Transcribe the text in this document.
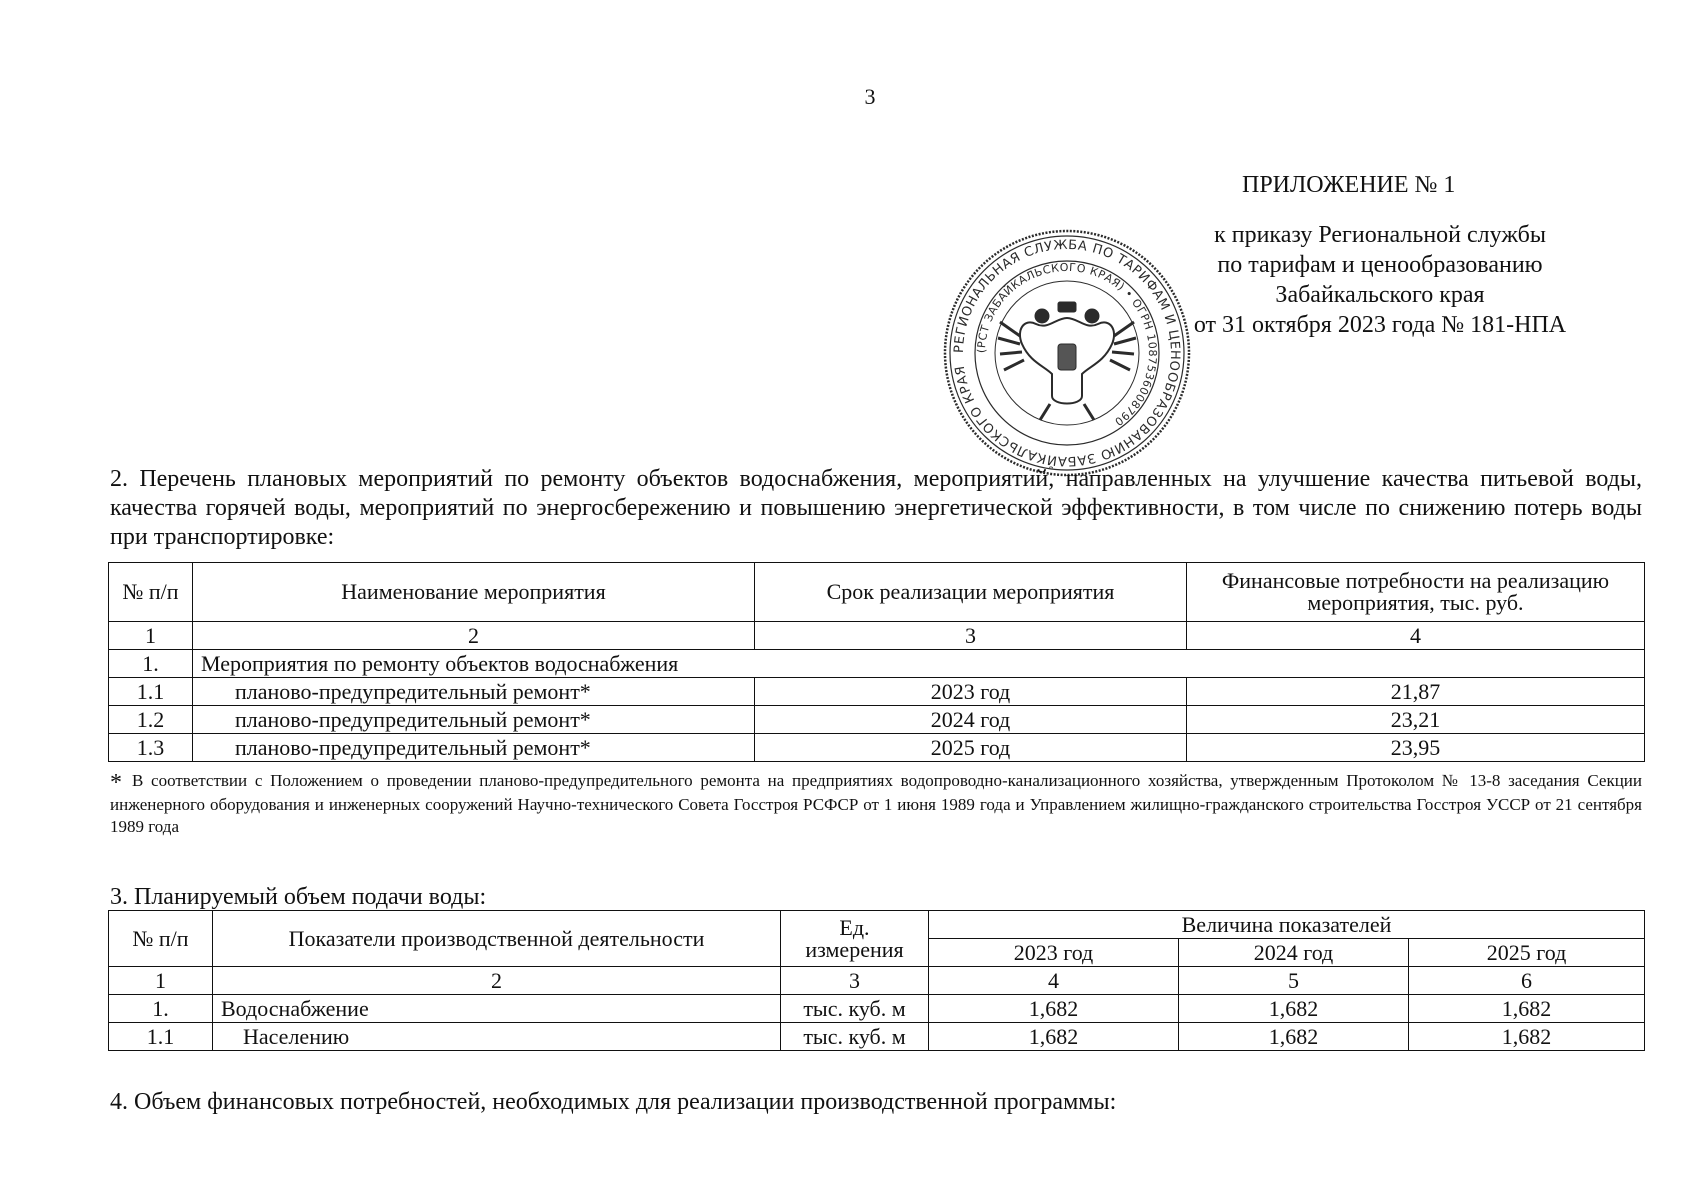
3
ПРИЛОЖЕНИЕ № 1
к приказу Региональной службы
по тарифам и ценообразованию
Забайкальского края
от 31 октября 2023 года № 181-НПА
РЕГИОНАЛЬНАЯ СЛУЖБА ПО ТАРИФАМ И ЦЕНООБРАЗОВАНИЮ ЗАБАЙКАЛЬСКОГО КРАЯ
(РСТ ЗАБАЙКАЛЬСКОГО КРАЯ) • ОГРН 1087536008790
2. Перечень плановых мероприятий по ремонту объектов водоснабжения, мероприятий, направленных на улучшение качества питьевой воды, качества горячей воды, мероприятий по энергосбережению и повышению энергетической эффективности, в том числе по снижению потерь воды при транспортировке:
№ п/п	Наименование мероприятия	Срок реализации мероприятия	Финансовые потребности на реализацию мероприятия, тыс. руб.
1	2	3	4
1.	Мероприятия по ремонту объектов водоснабжения		
1.1	планово-предупредительный ремонт*	2023 год	21,87
1.2	планово-предупредительный ремонт*	2024 год	23,21
1.3	планово-предупредительный ремонт*	2025 год	23,95
* В соответствии с Положением о проведении планово-предупредительного ремонта на предприятиях водопроводно-канализационного хозяйства, утвержденным Протоколом № 13-8 заседания Секции инженерного оборудования и инженерных сооружений Научно-технического Совета Госстроя РСФСР от 1 июня 1989 года и Управлением жилищно-гражданского строительства Госстроя УССР от 21 сентября 1989 года
3. Планируемый объем подачи воды:
№ п/п	Показатели производственной деятельности	Ед. измерения	Величина показателей		
			2023 год	2024 год	2025 год
1	2	3	4	5	6
1.	Водоснабжение	тыс. куб. м	1,682	1,682	1,682
1.1	Населению	тыс. куб. м	1,682	1,682	1,682
4. Объем финансовых потребностей, необходимых для реализации производственной программы:
